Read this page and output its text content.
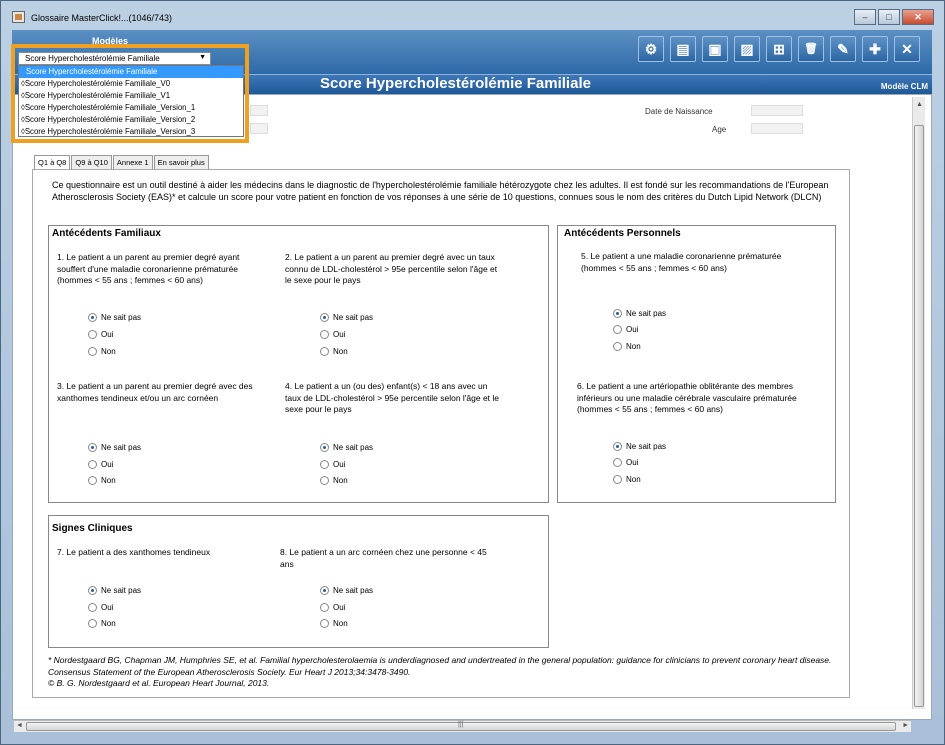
Glossaire MasterClick!...(1046/743)	–	□	✕
Modèles
Score Hypercholestérolémie Familiale	▼
⚙	▤	▣	▨	⊞	🗑	✎	✚	✕
Score Hypercholestérolémie Familiale	Modèle CLM
Date de Naissance
Age
Q1 à Q8	Q9 à Q10	Annexe 1	En savoir plus
Ce questionnaire est un outil destiné à aider les médecins dans le diagnostic de l'hypercholestérolémie familiale hétérozygote chez les adultes. Il est fondé sur les recommandations de l'European Atherosclerosis Society (EAS)* et calcule un score pour votre patient en fonction de vos réponses à une série de 10 questions, connues sous le nom des critères du Dutch Lipid Network (DLCN)
Antécédents Familiaux	Antécédents Personnels
Signes Cliniques
1. Le patient a un parent au premier degré ayant souffert d'une maladie coronarienne prématurée (hommes < 55 ans ; femmes < 60 ans)
2. Le patient a un parent au premier degré avec un taux connu de LDL-cholestérol > 95e percentile selon l'âge et le sexe pour le pays
3. Le patient a un parent au premier degré avec des xanthomes tendineux et/ou un arc cornéen
4. Le patient a un (ou des) enfant(s) < 18 ans avec un taux de LDL-cholestérol > 95e percentile selon l'âge et le sexe pour le pays
5. Le patient a une maladie coronarienne prématurée (hommes < 55 ans ; femmes < 60 ans)
6. Le patient a une artériopathie oblitérante des membres inférieurs ou une maladie cérébrale vasculaire prématurée (hommes < 55 ans ; femmes < 60 ans)
7. Le patient a des xanthomes tendineux	8. Le patient a un arc cornéen chez une personne < 45 ans
Ne sait pas
Oui
Non
Ne sait pas
Oui
Non
Ne sait pas
Oui
Non
Ne sait pas
Oui
Non
Ne sait pas
Oui
Non
Ne sait pas
Oui
Non
Ne sait pas
Oui
Non
Ne sait pas
Oui
Non
* Nordestgaard BG, Chapman JM, Humphries SE, et al. Familial hypercholesterolaemia is underdiagnosed and undertreated in the general population: guidance for clinicians to prevent coronary heart disease. Consensus Statement of the European Atherosclerosis Society. Eur Heart J 2013;34:3478-3490.
© B. G. Nordestgaard et al. European Heart Journal, 2013.
▲
◄	|||	►
Score Hypercholestérolémie Familiale
◊Score Hypercholestérolémie Familiale_V0
◊Score Hypercholestérolémie Familiale_V1
◊Score Hypercholestérolémie Familiale_Version_1
◊Score Hypercholestérolémie Familiale_Version_2
◊Score Hypercholestérolémie Familiale_Version_3
